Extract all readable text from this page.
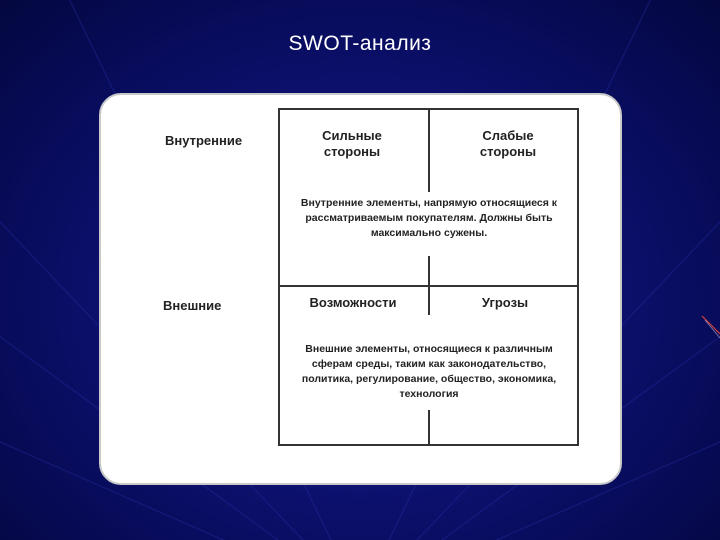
SWOT-анализ
Внутренние
Внешние
Сильные стороны
Слабые стороны
Внутренние элементы, напрямую относящиеся к рассматриваемым покупателям. Должны быть максимально сужены.
Возможности	Угрозы
Внешние элементы, относящиеся к различным сферам среды, таким как законодательство, политика, регулирование, общество, экономика, технология
